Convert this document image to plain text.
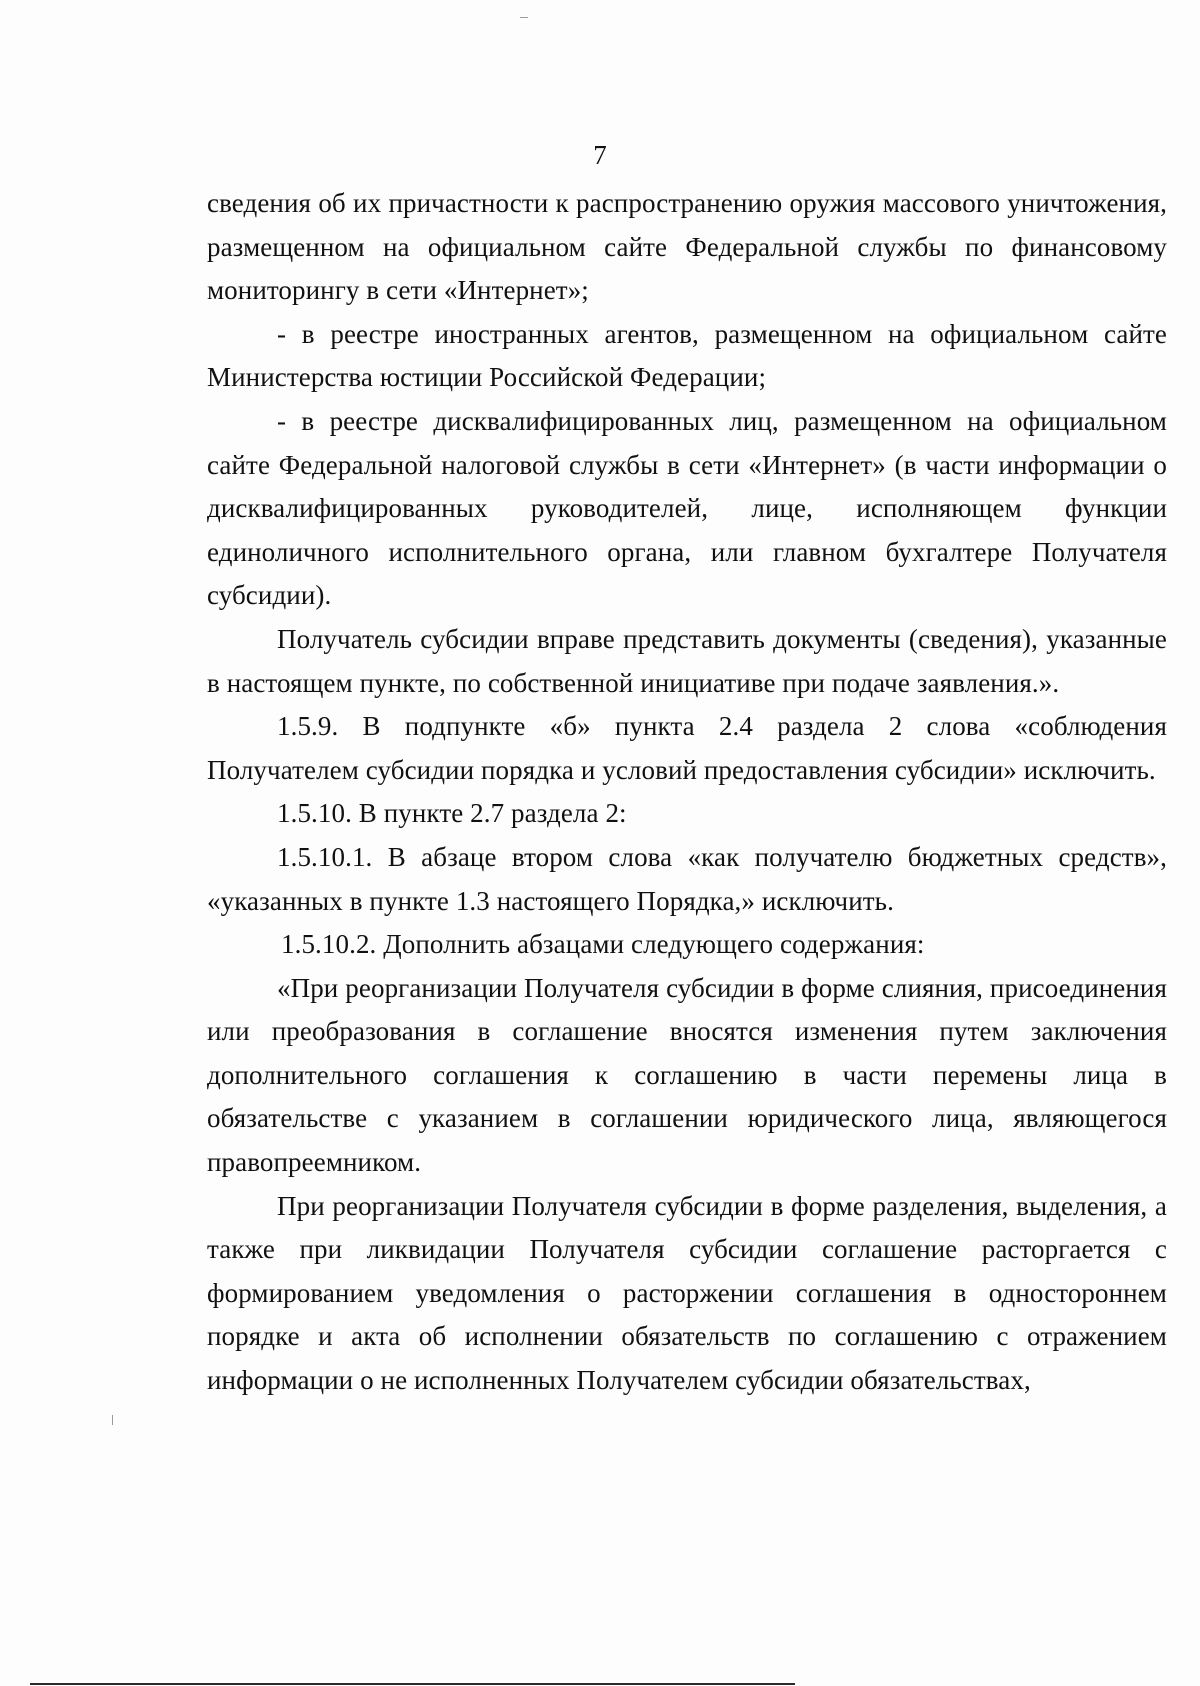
7

сведения об их причастности к распространению оружия массового уничтожения, размещенном на официальном сайте Федеральной службы по финансовому мониторингу в сети «Интернет»;

- в реестре иностранных агентов, размещенном на официальном сайте Министерства юстиции Российской Федерации;

- в реестре дисквалифицированных лиц, размещенном на официальном сайте Федеральной налоговой службы в сети «Интернет» (в части информации о дисквалифицированных руководителей, лице, исполняющем функции единоличного исполнительного органа, или главном бухгалтере Получателя субсидии).

Получатель субсидии вправе представить документы (сведения), указанные в настоящем пункте, по собственной инициативе при подаче заявления.».

1.5.9. В подпункте «б» пункта 2.4 раздела 2 слова «соблюдения Получателем субсидии порядка и условий предоставления субсидии» исключить.

1.5.10. В пункте 2.7 раздела 2:

1.5.10.1. В абзаце втором слова «как получателю бюджетных средств», «указанных в пункте 1.3 настоящего Порядка,» исключить.

1.5.10.2. Дополнить абзацами следующего содержания:

«При реорганизации Получателя субсидии в форме слияния, присоединения или преобразования в соглашение вносятся изменения путем заключения дополнительного соглашения к соглашению в части перемены лица в обязательстве с указанием в соглашении юридического лица, являющегося правопреемником.

При реорганизации Получателя субсидии в форме разделения, выделения, а также при ликвидации Получателя субсидии соглашение расторгается с формированием уведомления о расторжении соглашения в одностороннем порядке и акта об исполнении обязательств по соглашению с отражением информации о не исполненных Получателем субсидии обязательствах,
